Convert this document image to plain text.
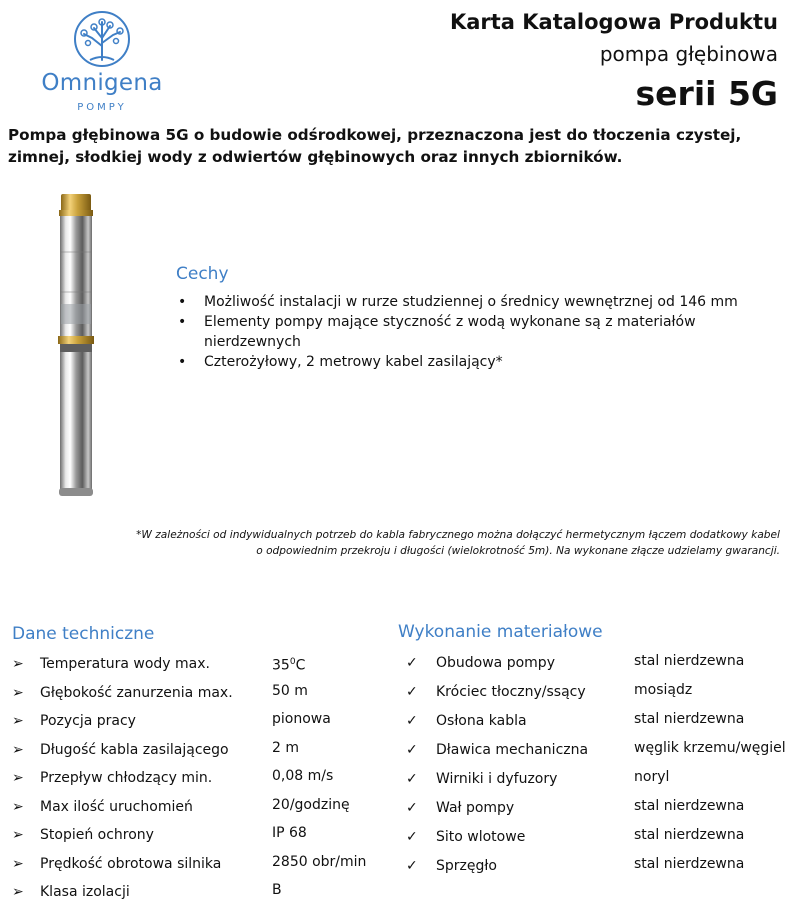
Omnigena
POMPY
Karta Katalogowa Produktu
pompa głębinowa
serii 5G
Pompa głębinowa 5G o budowie odśrodkowej, przeznaczona jest do tłoczenia czystej, zimnej, słodkiej wody z odwiertów głębinowych oraz innych zbiorników.
Cechy
• Możliwość instalacji w rurze studziennej o średnicy wewnętrznej od 146 mm
• Elementy pompy mające styczność z wodą wykonane są z materiałów nierdzewnych
• Czterożyłowy, 2 metrowy kabel zasilający*
*W zależności od indywidualnych potrzeb do kabla fabrycznego można dołączyć hermetycznym łączem dodatkowy kabel
o odpowiednim przekroju i długości (wielokrotność 5m). Na wykonane złącze udzielamy gwarancji.
Dane techniczne
➢ Temperatura wody max.	$35^0C$
➢ Głębokość zanurzenia max.	50 m
➢ Pozycja pracy	pionowa
➢ Długość kabla zasilającego	2 m
➢ Przepływ chłodzący min.	0,08 m/s
➢ Max ilość uruchomień	20/godzinę
➢ Stopień ochrony	IP 68
➢ Prędkość obrotowa silnika	2850 obr/min
➢ Klasa izolacji	B
Wykonanie materiałowe
✓ Obudowa pompy	stal nierdzewna
✓ Króciec tłoczny/ssący	mosiądz
✓ Osłona kabla	stal nierdzewna
✓ Dławica mechaniczna	węglik krzemu/węgiel
✓ Wirniki i dyfuzory	noryl
✓ Wał pompy	stal nierdzewna
✓ Sito wlotowe	stal nierdzewna
✓ Sprzęgło	stal nierdzewna
